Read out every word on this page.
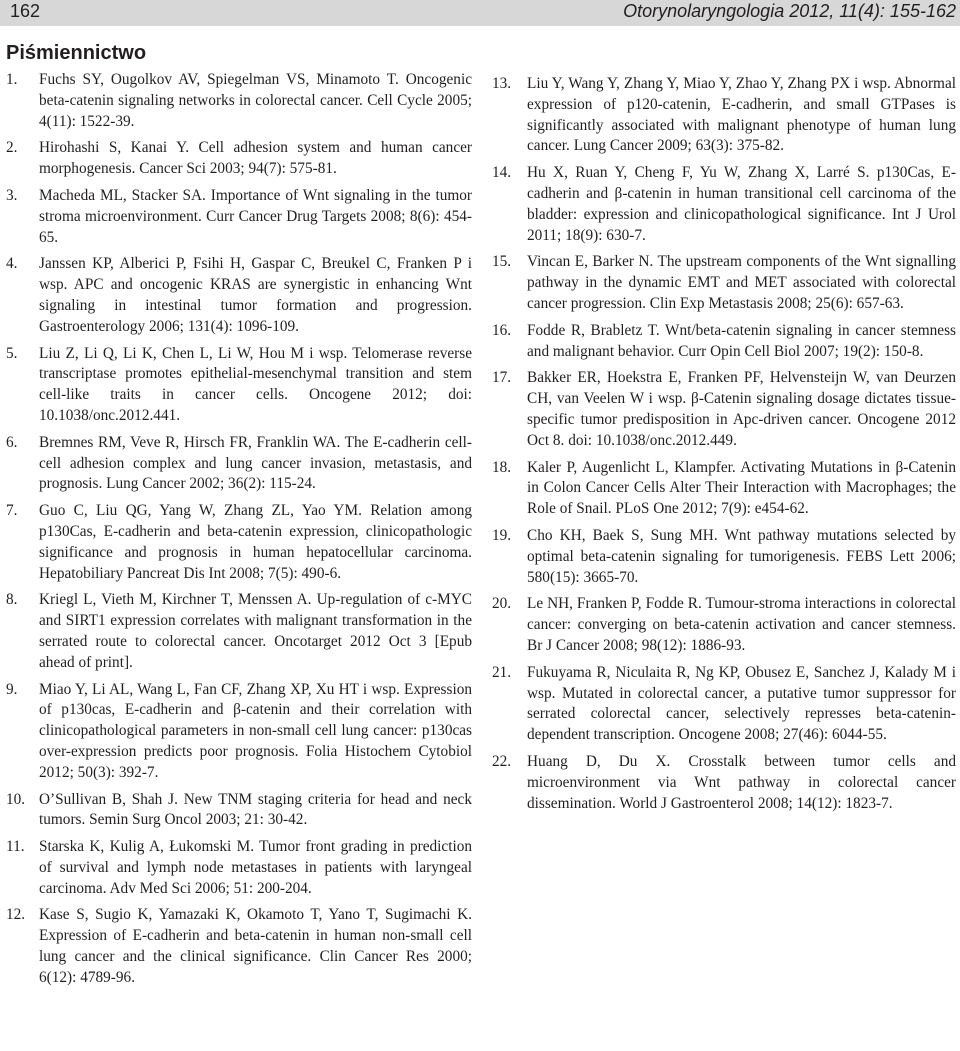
162	Otorynolaryngologia 2012, 11(4): 155-162
Piśmiennictwo
1.	Fuchs SY, Ougolkov AV, Spiegelman VS, Minamoto T. Oncogenic beta-catenin signaling networks in colorectal cancer. Cell Cycle 2005; 4(11): 1522-39.
2.	Hirohashi S, Kanai Y. Cell adhesion system and human cancer morphogenesis. Cancer Sci 2003; 94(7): 575-81.
3.	Macheda ML, Stacker SA. Importance of Wnt signaling in the tumor stroma microenvironment. Curr Cancer Drug Targets 2008; 8(6): 454-65.
4.	Janssen KP, Alberici P, Fsihi H, Gaspar C, Breukel C, Franken P i wsp. APC and oncogenic KRAS are synergistic in enhancing Wnt signaling in intestinal tumor formation and progression. Gastroenterology 2006; 131(4): 1096-109.
5.	Liu Z, Li Q, Li K, Chen L, Li W, Hou M i wsp. Telomerase reverse transcriptase promotes epithelial-mesenchymal transition and stem cell-like traits in cancer cells. Oncogene 2012; doi: 10.1038/onc.2012.441.
6.	Bremnes RM, Veve R, Hirsch FR, Franklin WA. The E-cadherin cell-cell adhesion complex and lung cancer invasion, metastasis, and prognosis. Lung Cancer 2002; 36(2): 115-24.
7.	Guo C, Liu QG, Yang W, Zhang ZL, Yao YM. Relation among p130Cas, E-cadherin and beta-catenin expression, clinicopathologic significance and prognosis in human hepatocellular carcinoma. Hepatobiliary Pancreat Dis Int 2008; 7(5): 490-6.
8.	Kriegl L, Vieth M, Kirchner T, Menssen A. Up-regulation of c-MYC and SIRT1 expression correlates with malignant transformation in the serrated route to colorectal cancer. Oncotarget 2012 Oct 3 [Epub ahead of print].
9.	Miao Y, Li AL, Wang L, Fan CF, Zhang XP, Xu HT i wsp. Expression of p130cas, E-cadherin and β-catenin and their correlation with clinicopathological parameters in non-small cell lung cancer: p130cas over-expression predicts poor prognosis. Folia Histochem Cytobiol 2012; 50(3): 392-7.
10. O’Sullivan B, Shah J. New TNM staging criteria for head and neck tumors. Semin Surg Oncol 2003; 21: 30-42.
11. Starska K, Kulig A, Łukomski M. Tumor front grading in prediction of survival and lymph node metastases in patients with laryngeal carcinoma. Adv Med Sci 2006; 51: 200-204.
12. Kase S, Sugio K, Yamazaki K, Okamoto T, Yano T, Sugimachi K. Expression of E-cadherin and beta-catenin in human non-small cell lung cancer and the clinical significance. Clin Cancer Res 2000; 6(12): 4789-96.
13.	Liu Y, Wang Y, Zhang Y, Miao Y, Zhao Y, Zhang PX i wsp. Abnormal expression of p120-catenin, E-cadherin, and small GTPases is significantly associated with malignant phenotype of human lung cancer. Lung Cancer 2009; 63(3): 375-82.
14.	Hu X, Ruan Y, Cheng F, Yu W, Zhang X, Larré S. p130Cas, E-cadherin and β-catenin in human transitional cell carcinoma of the bladder: expression and clinicopathological significance. Int J Urol 2011; 18(9): 630-7.
15.	Vincan E, Barker N. The upstream components of the Wnt signalling pathway in the dynamic EMT and MET associated with colorectal cancer progression. Clin Exp Metastasis 2008; 25(6): 657-63.
16.	Fodde R, Brabletz T. Wnt/beta-catenin signaling in cancer stemness and malignant behavior. Curr Opin Cell Biol 2007; 19(2): 150-8.
17.	Bakker ER, Hoekstra E, Franken PF, Helvensteijn W, van Deurzen CH, van Veelen W i wsp. β-Catenin signaling dosage dictates tissue-specific tumor predisposition in Apc-driven cancer. Oncogene 2012 Oct 8. doi: 10.1038/onc.2012.449.
18.	Kaler P, Augenlicht L, Klampfer. Activating Mutations in β-Catenin in Colon Cancer Cells Alter Their Interaction with Macrophages; the Role of Snail. PLoS One 2012; 7(9): e454-62.
19.	Cho KH, Baek S, Sung MH. Wnt pathway mutations selected by optimal beta-catenin signaling for tumorigenesis. FEBS Lett 2006; 580(15): 3665-70.
20.	Le NH, Franken P, Fodde R. Tumour-stroma interactions in colorectal cancer: converging on beta-catenin activation and cancer stemness. Br J Cancer 2008; 98(12): 1886-93.
21.	Fukuyama R, Niculaita R, Ng KP, Obusez E, Sanchez J, Kalady M i wsp. Mutated in colorectal cancer, a putative tumor suppressor for serrated colorectal cancer, selectively represses beta-catenin-dependent transcription. Oncogene 2008; 27(46): 6044-55.
22.	Huang D, Du X. Crosstalk between tumor cells and microenvironment via Wnt pathway in colorectal cancer dissemination. World J Gastroenterol 2008; 14(12): 1823-7.
